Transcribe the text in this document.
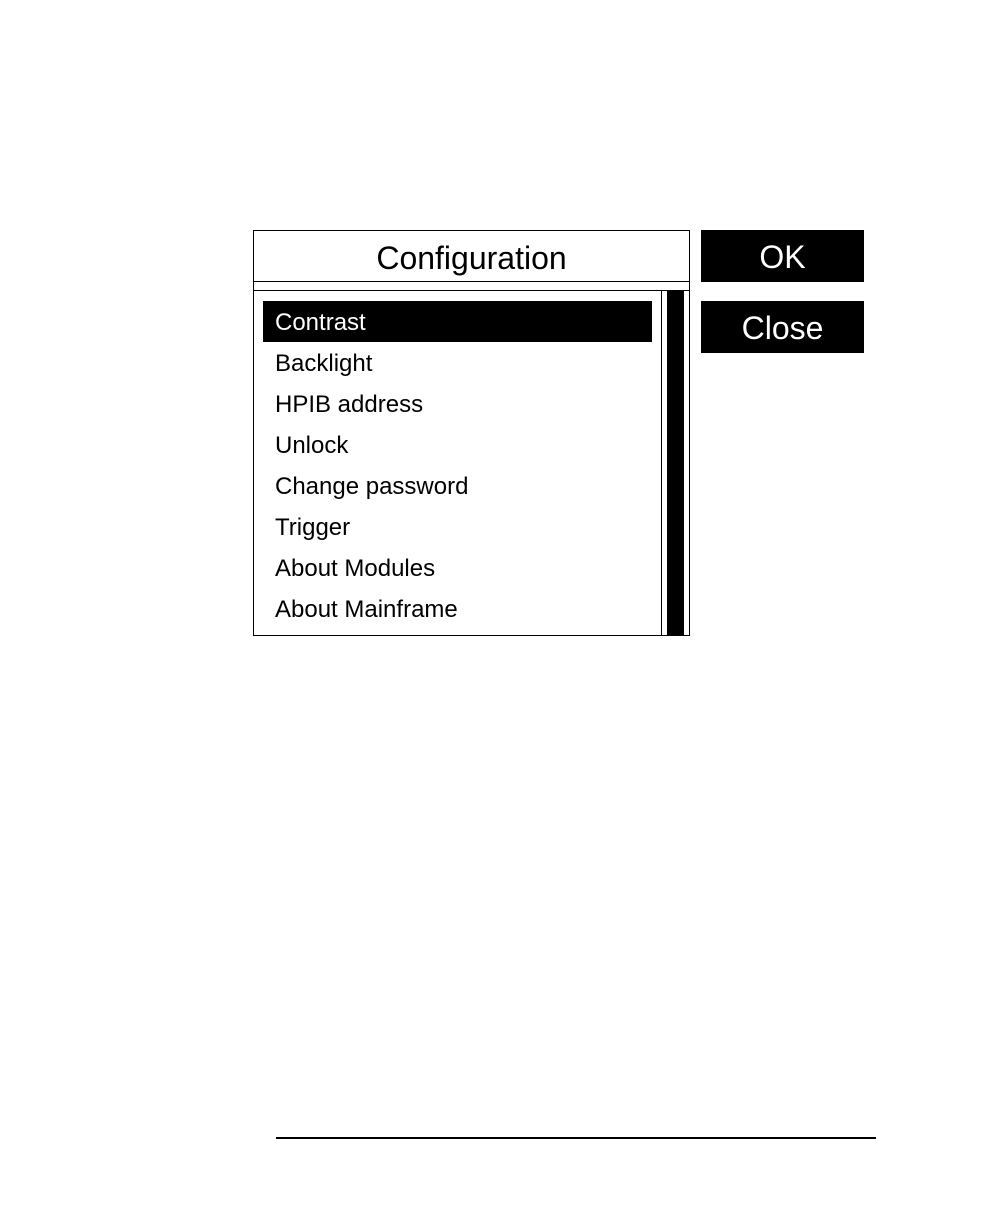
Configuration
Contrast
Backlight
HPIB address
Unlock
Change password
Trigger
About Modules
About Mainframe
OK
Close
